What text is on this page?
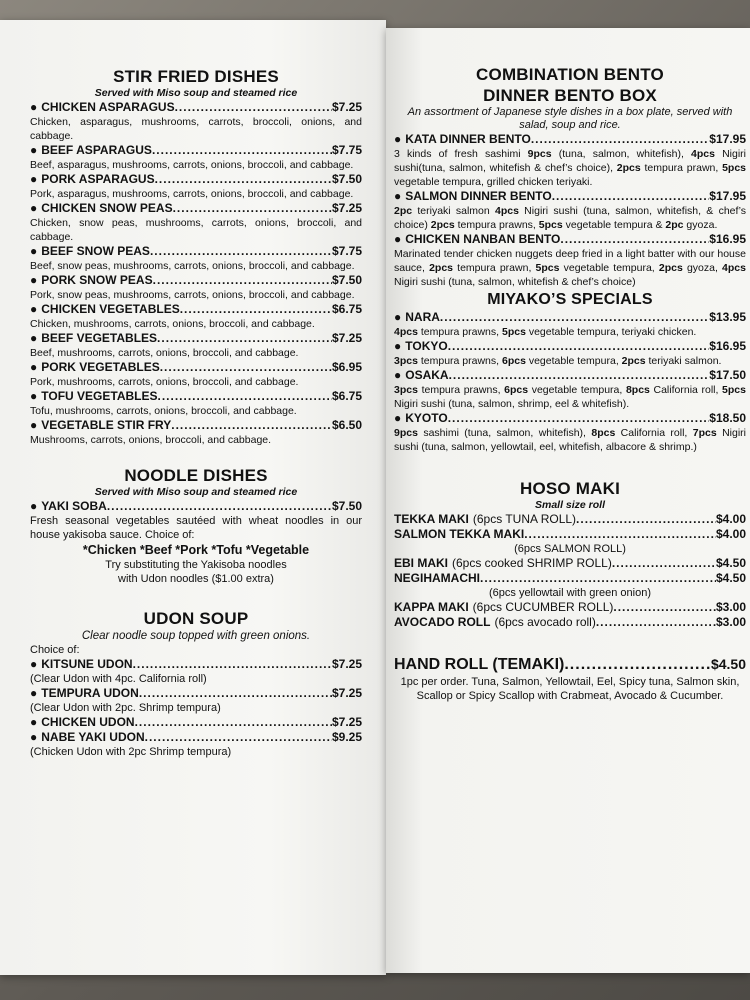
STIR FRIED DISHES
Served with Miso soup and steamed rice
● CHICKEN ASPARAGUS .....	$7.25
Chicken, asparagus, mushrooms, carrots, broccoli, onions, and cabbage.
● BEEF ASPARAGUS .....	$7.75
Beef, asparagus, mushrooms, carrots, onions, broccoli, and cabbage.
● PORK ASPARAGUS .....	$7.50
Pork, asparagus, mushrooms, carrots, onions, broccoli, and cabbage.
● CHICKEN SNOW PEAS .....	$7.25
Chicken, snow peas, mushrooms, carrots, onions, broccoli, and cabbage.
● BEEF SNOW PEAS .....	$7.75
Beef, snow peas, mushrooms, carrots, onions, broccoli, and cabbage.
● PORK SNOW PEAS .....	$7.50
Pork, snow peas, mushrooms, carrots, onions, broccoli, and cabbage.
● CHICKEN VEGETABLES .....	$6.75
Chicken, mushrooms, carrots, onions, broccoli, and cabbage.
● BEEF VEGETABLES .....	$7.25
Beef, mushrooms, carrots, onions, broccoli, and cabbage.
● PORK VEGETABLES .....	$6.95
Pork, mushrooms, carrots, onions, broccoli, and cabbage.
● TOFU VEGETABLES .....	$6.75
Tofu, mushrooms, carrots, onions, broccoli, and cabbage.
● VEGETABLE STIR FRY .....	$6.50
Mushrooms, carrots, onions, broccoli, and cabbage.
NOODLE DISHES
Served with Miso soup and steamed rice
● YAKI SOBA .....	$7.50
Fresh seasonal vegetables sautéed with wheat noodles in our house yakisoba sauce. Choice of:
*Chicken *Beef *Pork *Tofu *Vegetable
Try substituting the Yakisoba noodles
with Udon noodles ($1.00 extra)
UDON SOUP
Clear noodle soup topped with green onions.
Choice of:
● KITSUNE UDON .....	$7.25
(Clear Udon with 4pc. California roll)
● TEMPURA UDON .....	$7.25
(Clear Udon with 2pc. Shrimp tempura)
● CHICKEN UDON .....	$7.25
● NABE YAKI UDON .....	$9.25
(Chicken Udon with 2pc Shrimp tempura)
COMBINATION BENTO
DINNER BENTO BOX
An assortment of Japanese style dishes in a box plate, served with salad, soup and rice.
● KATA DINNER BENTO .....	$17.95
3 kinds of fresh sashimi 9pcs (tuna, salmon, whitefish), 4pcs Nigiri sushi(tuna, salmon, whitefish & chef’s choice), 2pcs tempura prawn, 5pcs vegetable tempura, grilled chicken teriyaki.
● SALMON DINNER BENTO .....	$17.95
2pc teriyaki salmon 4pcs Nigiri sushi (tuna, salmon, whitefish, & chef’s choice) 2pcs tempura prawns, 5pcs vegetable tempura & 2pc gyoza.
● CHICKEN NANBAN BENTO .....	$16.95
Marinated tender chicken nuggets deep fried in a light batter with our house sauce, 2pcs tempura prawn, 5pcs vegetable tempura, 2pcs gyoza, 4pcs Nigiri sushi (tuna, salmon, whitefish & chef’s choice)
MIYAKO’S SPECIALS
● NARA .....	$13.95
4pcs tempura prawns, 5pcs vegetable tempura, teriyaki chicken.
● TOKYO .....	$16.95
3pcs tempura prawns, 6pcs vegetable tempura, 2pcs teriyaki salmon.
● OSAKA .....	$17.50
3pcs tempura prawns, 6pcs vegetable tempura, 8pcs California roll, 5pcs Nigiri sushi (tuna, salmon, shrimp, eel & whitefish).
● KYOTO .....	$18.50
9pcs sashimi (tuna, salmon, whitefish), 8pcs California roll, 7pcs Nigiri sushi (tuna, salmon, yellowtail, eel, whitefish, albacore & shrimp.)
HOSO MAKI
Small size roll
TEKKA MAKI (6pcs TUNA ROLL) .....	$4.00
SALMON TEKKA MAKI .....	$4.00
(6pcs SALMON ROLL)
EBI MAKI (6pcs cooked SHRIMP ROLL) .....	$4.50
NEGIHAMACHI .....	$4.50
(6pcs yellowtail with green onion)
KAPPA MAKI (6pcs CUCUMBER ROLL) .....	$3.00
AVOCADO ROLL (6pcs avocado roll) .....	$3.00
HAND ROLL (TEMAKI) .....	$4.50
1pc per order. Tuna, Salmon, Yellowtail, Eel, Spicy tuna, Salmon skin, Scallop or Spicy Scallop with Crabmeat, Avocado & Cucumber.
